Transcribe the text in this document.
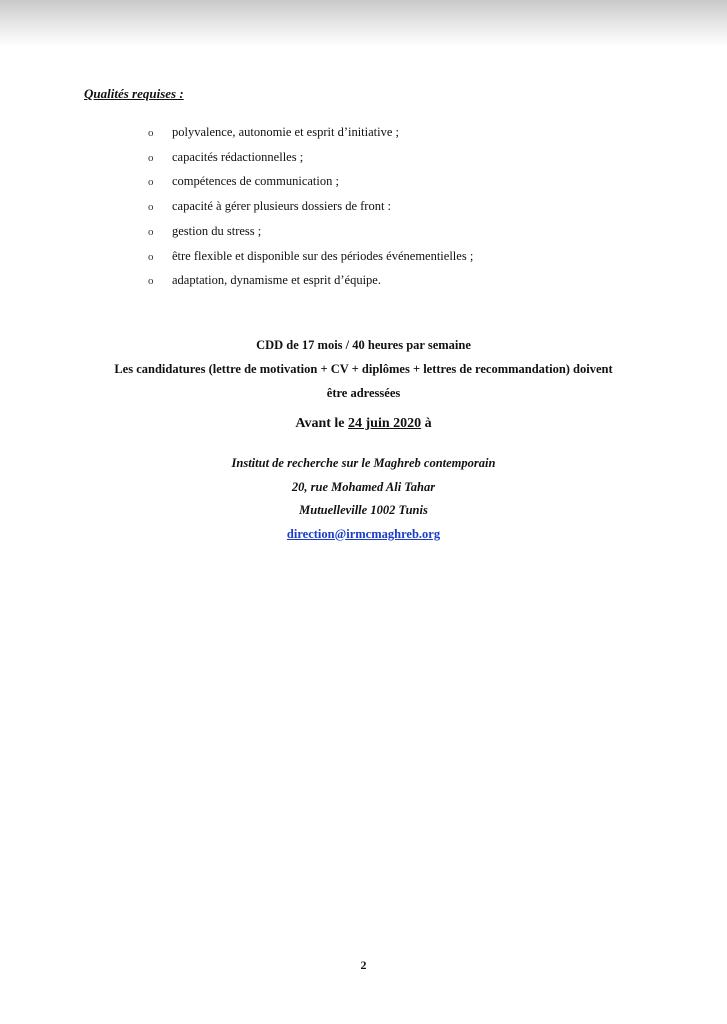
Qualités requises :

o	polyvalence, autonomie et esprit d’initiative ;
o	capacités rédactionnelles ;
o	compétences de communication ;
o	capacité à gérer plusieurs dossiers de front :
o	gestion du stress ;
o	être flexible et disponible sur des périodes événementielles ;
o	adaptation, dynamisme et esprit d’équipe.

CDD de 17 mois / 40 heures par semaine

Les candidatures (lettre de motivation + CV + diplômes + lettres de recommandation) doivent

être adressées

Avant le 24 juin 2020 à

Institut de recherche sur le Maghreb contemporain

20, rue Mohamed Ali Tahar

Mutuelleville 1002 Tunis

direction@irmcmaghreb.org

2
